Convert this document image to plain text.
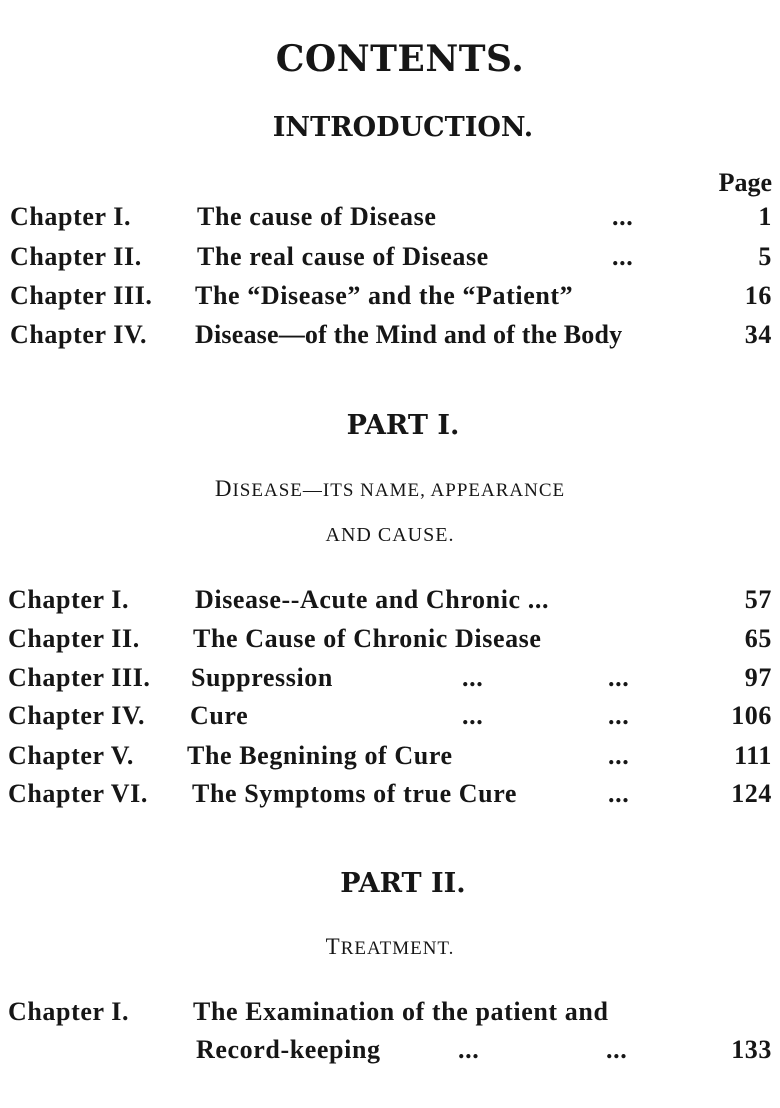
CONTENTS.
INTRODUCTION.
Page
Chapter I.	The cause of Disease	...	1
Chapter II. The real cause of Disease	...	5
Chapter III. The “Disease” and the “Patient”	16
Chapter IV. Disease—of the Mind and of the Body	34
PART I.
DISEASE—ITS NAME, APPEARANCE
AND CAUSE.
Chapter I.	Disease--Acute and Chronic ...	57
Chapter II. The Cause of Chronic Disease	65
Chapter III. Suppression	...	...	97
Chapter IV. Cure	...	...	106
Chapter V. The Begnining of Cure	...	111
Chapter VI. The Symptoms of true Cure	...	124
PART II.
TREATMENT.
Chapter I. The Examination of the patient and
Record-keeping	...	...	133
